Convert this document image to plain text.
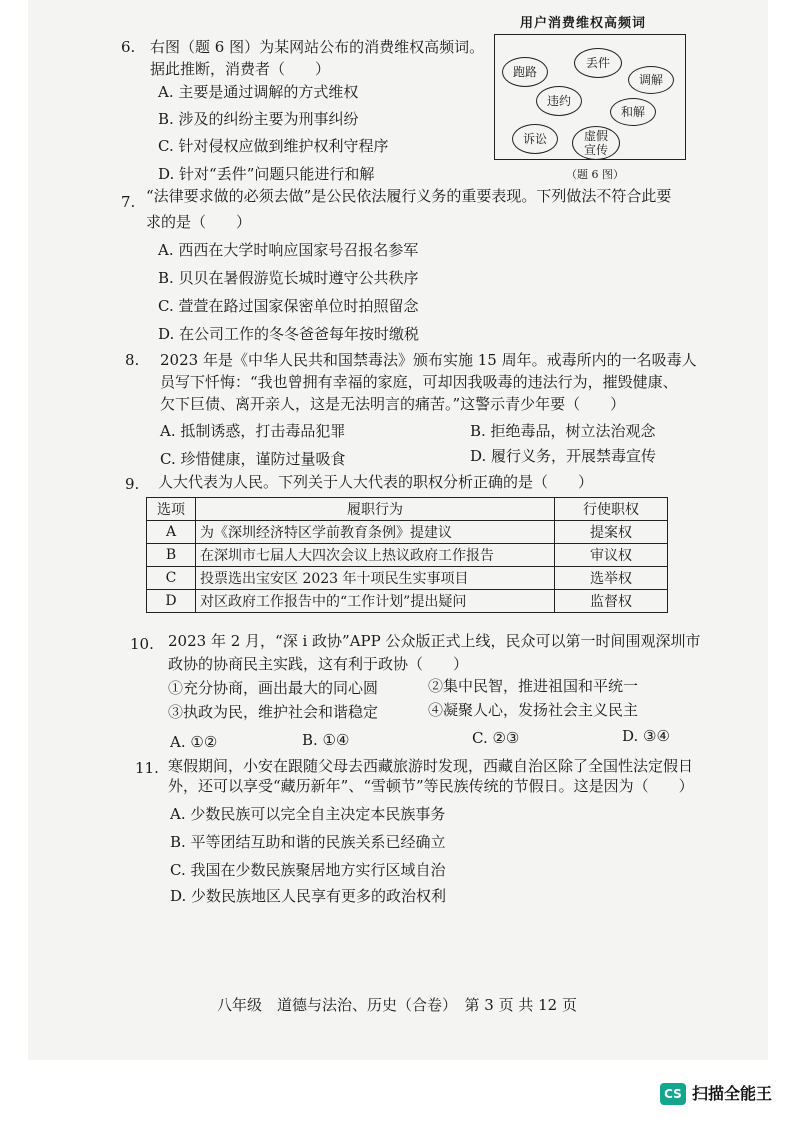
6. 右图（题 6 图）为某网站公布的消费维权高频词。
据此推断，消费者（　　）
A. 主要是通过调解的方式维权
B. 涉及的纠纷主要为刑事纠纷
C. 针对侵权应做到维护权利守程序
D. 针对“丢件”问题只能进行和解
用户消费维权高频词
丢件
跑路
调解
违约
和解
诉讼	虚假
宣传
（题 6 图）
7. “法律要求做的必须去做”是公民依法履行义务的重要表现。下列做法不符合此要
求的是（　　）
A. 西西在大学时响应国家号召报名参军
B. 贝贝在暑假游览长城时遵守公共秩序
C. 萱萱在路过国家保密单位时拍照留念
D. 在公司工作的冬冬爸爸每年按时缴税
8. 2023 年是《中华人民共和国禁毒法》颁布实施 15 周年。戒毒所内的一名吸毒人
员写下忏悔：“我也曾拥有幸福的家庭，可却因我吸毒的违法行为，摧毁健康、
欠下巨债、离开亲人，这是无法明言的痛苦。”这警示青少年要（　　）
A. 抵制诱惑，打击毒品犯罪	B. 拒绝毒品，树立法治观念
C. 珍惜健康，谨防过量吸食	D. 履行义务，开展禁毒宣传
9. 人大代表为人民。下列关于人大代表的职权分析正确的是（　　）
选项	履职行为	行使职权
A	为《深圳经济特区学前教育条例》提建议	提案权
B	在深圳市七届人大四次会议上热议政府工作报告	审议权
C	投票选出宝安区 2023 年十项民生实事项目	选举权
D	对区政府工作报告中的“工作计划”提出疑问	监督权
10. 2023 年 2 月，“深 i 政协”APP 公众版正式上线，民众可以第一时间围观深圳市
政协的协商民主实践，这有利于政协（　　）
①充分协商，画出最大的同心圆	②集中民智，推进祖国和平统一
③执政为民，维护社会和谐稳定	④凝聚人心，发扬社会主义民主
A. ①②	B. ①④	C. ②③	D. ③④
11. 寒假期间，小安在跟随父母去西藏旅游时发现，西藏自治区除了全国性法定假日
外，还可以享受“藏历新年”、“雪顿节”等民族传统的节假日。这是因为（　　）
A. 少数民族可以完全自主决定本民族事务
B. 平等团结互助和谐的民族关系已经确立
C. 我国在少数民族聚居地方实行区域自治
D. 少数民族地区人民享有更多的政治权利
八年级　道德与法治、历史（合卷）　第 3 页 共 12 页
CS 扫描全能王
